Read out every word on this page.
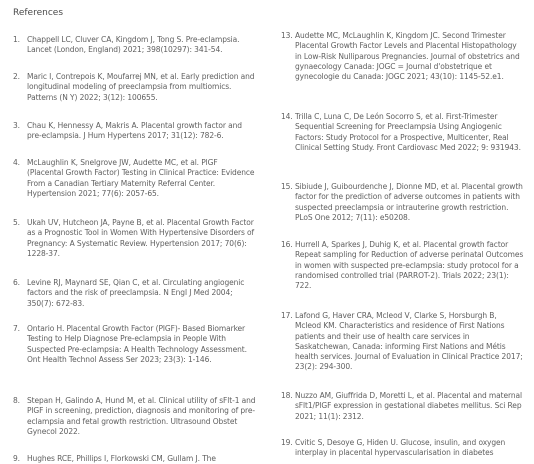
References
1. Chappell LC, Cluver CA, Kingdom J, Tong S. Pre-eclampsia. Lancet (London, England) 2021; 398(10297): 341-54.
2. Maric I, Contrepois K, Moufarrej MN, et al. Early prediction and longitudinal modeling of preeclampsia from multiomics. Patterns (N Y) 2022; 3(12): 100655.
3. Chau K, Hennessy A, Makris A. Placental growth factor and pre-eclampsia. J Hum Hypertens 2017; 31(12): 782-6.
4. McLaughlin K, Snelgrove JW, Audette MC, et al. PlGF (Placental Growth Factor) Testing in Clinical Practice: Evidence From a Canadian Tertiary Maternity Referral Center. Hypertension 2021; 77(6): 2057-65.
5. Ukah UV, Hutcheon JA, Payne B, et al. Placental Growth Factor as a Prognostic Tool in Women With Hypertensive Disorders of Pregnancy: A Systematic Review. Hypertension 2017; 70(6): 1228-37.
6. Levine RJ, Maynard SE, Qian C, et al. Circulating angiogenic factors and the risk of preeclampsia. N Engl J Med 2004; 350(7): 672-83.
7. Ontario H. Placental Growth Factor (PlGF)- Based Biomarker Testing to Help Diagnose Pre-eclampsia in People With Suspected Pre-eclampsia: A Health Technology Assessment. Ont Health Technol Assess Ser 2023; 23(3): 1-146.
8. Stepan H, Galindo A, Hund M, et al. Clinical utility of sFlt-1 and PlGF in screening, prediction, diagnosis and monitoring of pre-eclampsia and fetal growth restriction. Ultrasound Obstet Gynecol 2022.
9. Hughes RCE, Phillips I, Florkowski CM, Gullam J. The
13. Audette MC, McLaughlin K, Kingdom JC. Second Trimester Placental Growth Factor Levels and Placental Histopathology in Low-Risk Nulliparous Pregnancies. Journal of obstetrics and gynaecology Canada: JOGC = Journal d'obstetrique et gynecologie du Canada: JOGC 2021; 43(10): 1145-52.e1.
14. Trilla C, Luna C, De León Socorro S, et al. First-Trimester Sequential Screening for Preeclampsia Using Angiogenic Factors: Study Protocol for a Prospective, Multicenter, Real Clinical Setting Study. Front Cardiovasc Med 2022; 9: 931943.
15. Sibiude J, Guibourdenche J, Dionne MD, et al. Placental growth factor for the prediction of adverse outcomes in patients with suspected preeclampsia or intrauterine growth restriction. PLoS One 2012; 7(11): e50208.
16. Hurrell A, Sparkes J, Duhig K, et al. Placental growth factor Repeat sampling for Reduction of adverse perinatal Outcomes in women with suspected pre-eclampsia: study protocol for a randomised controlled trial (PARROT-2). Trials 2022; 23(1): 722.
17. Lafond G, Haver CRA, Mcleod V, Clarke S, Horsburgh B, Mcleod KM. Characteristics and residence of First Nations patients and their use of health care services in Saskatchewan, Canada: informing First Nations and Métis health services. Journal of Evaluation in Clinical Practice 2017; 23(2): 294-300.
18. Nuzzo AM, Giuffrida D, Moretti L, et al. Placental and maternal sFlt1/PlGF expression in gestational diabetes mellitus. Sci Rep 2021; 11(1): 2312.
19. Cvitic S, Desoye G, Hiden U. Glucose, insulin, and oxygen interplay in placental hypervascularisation in diabetes
